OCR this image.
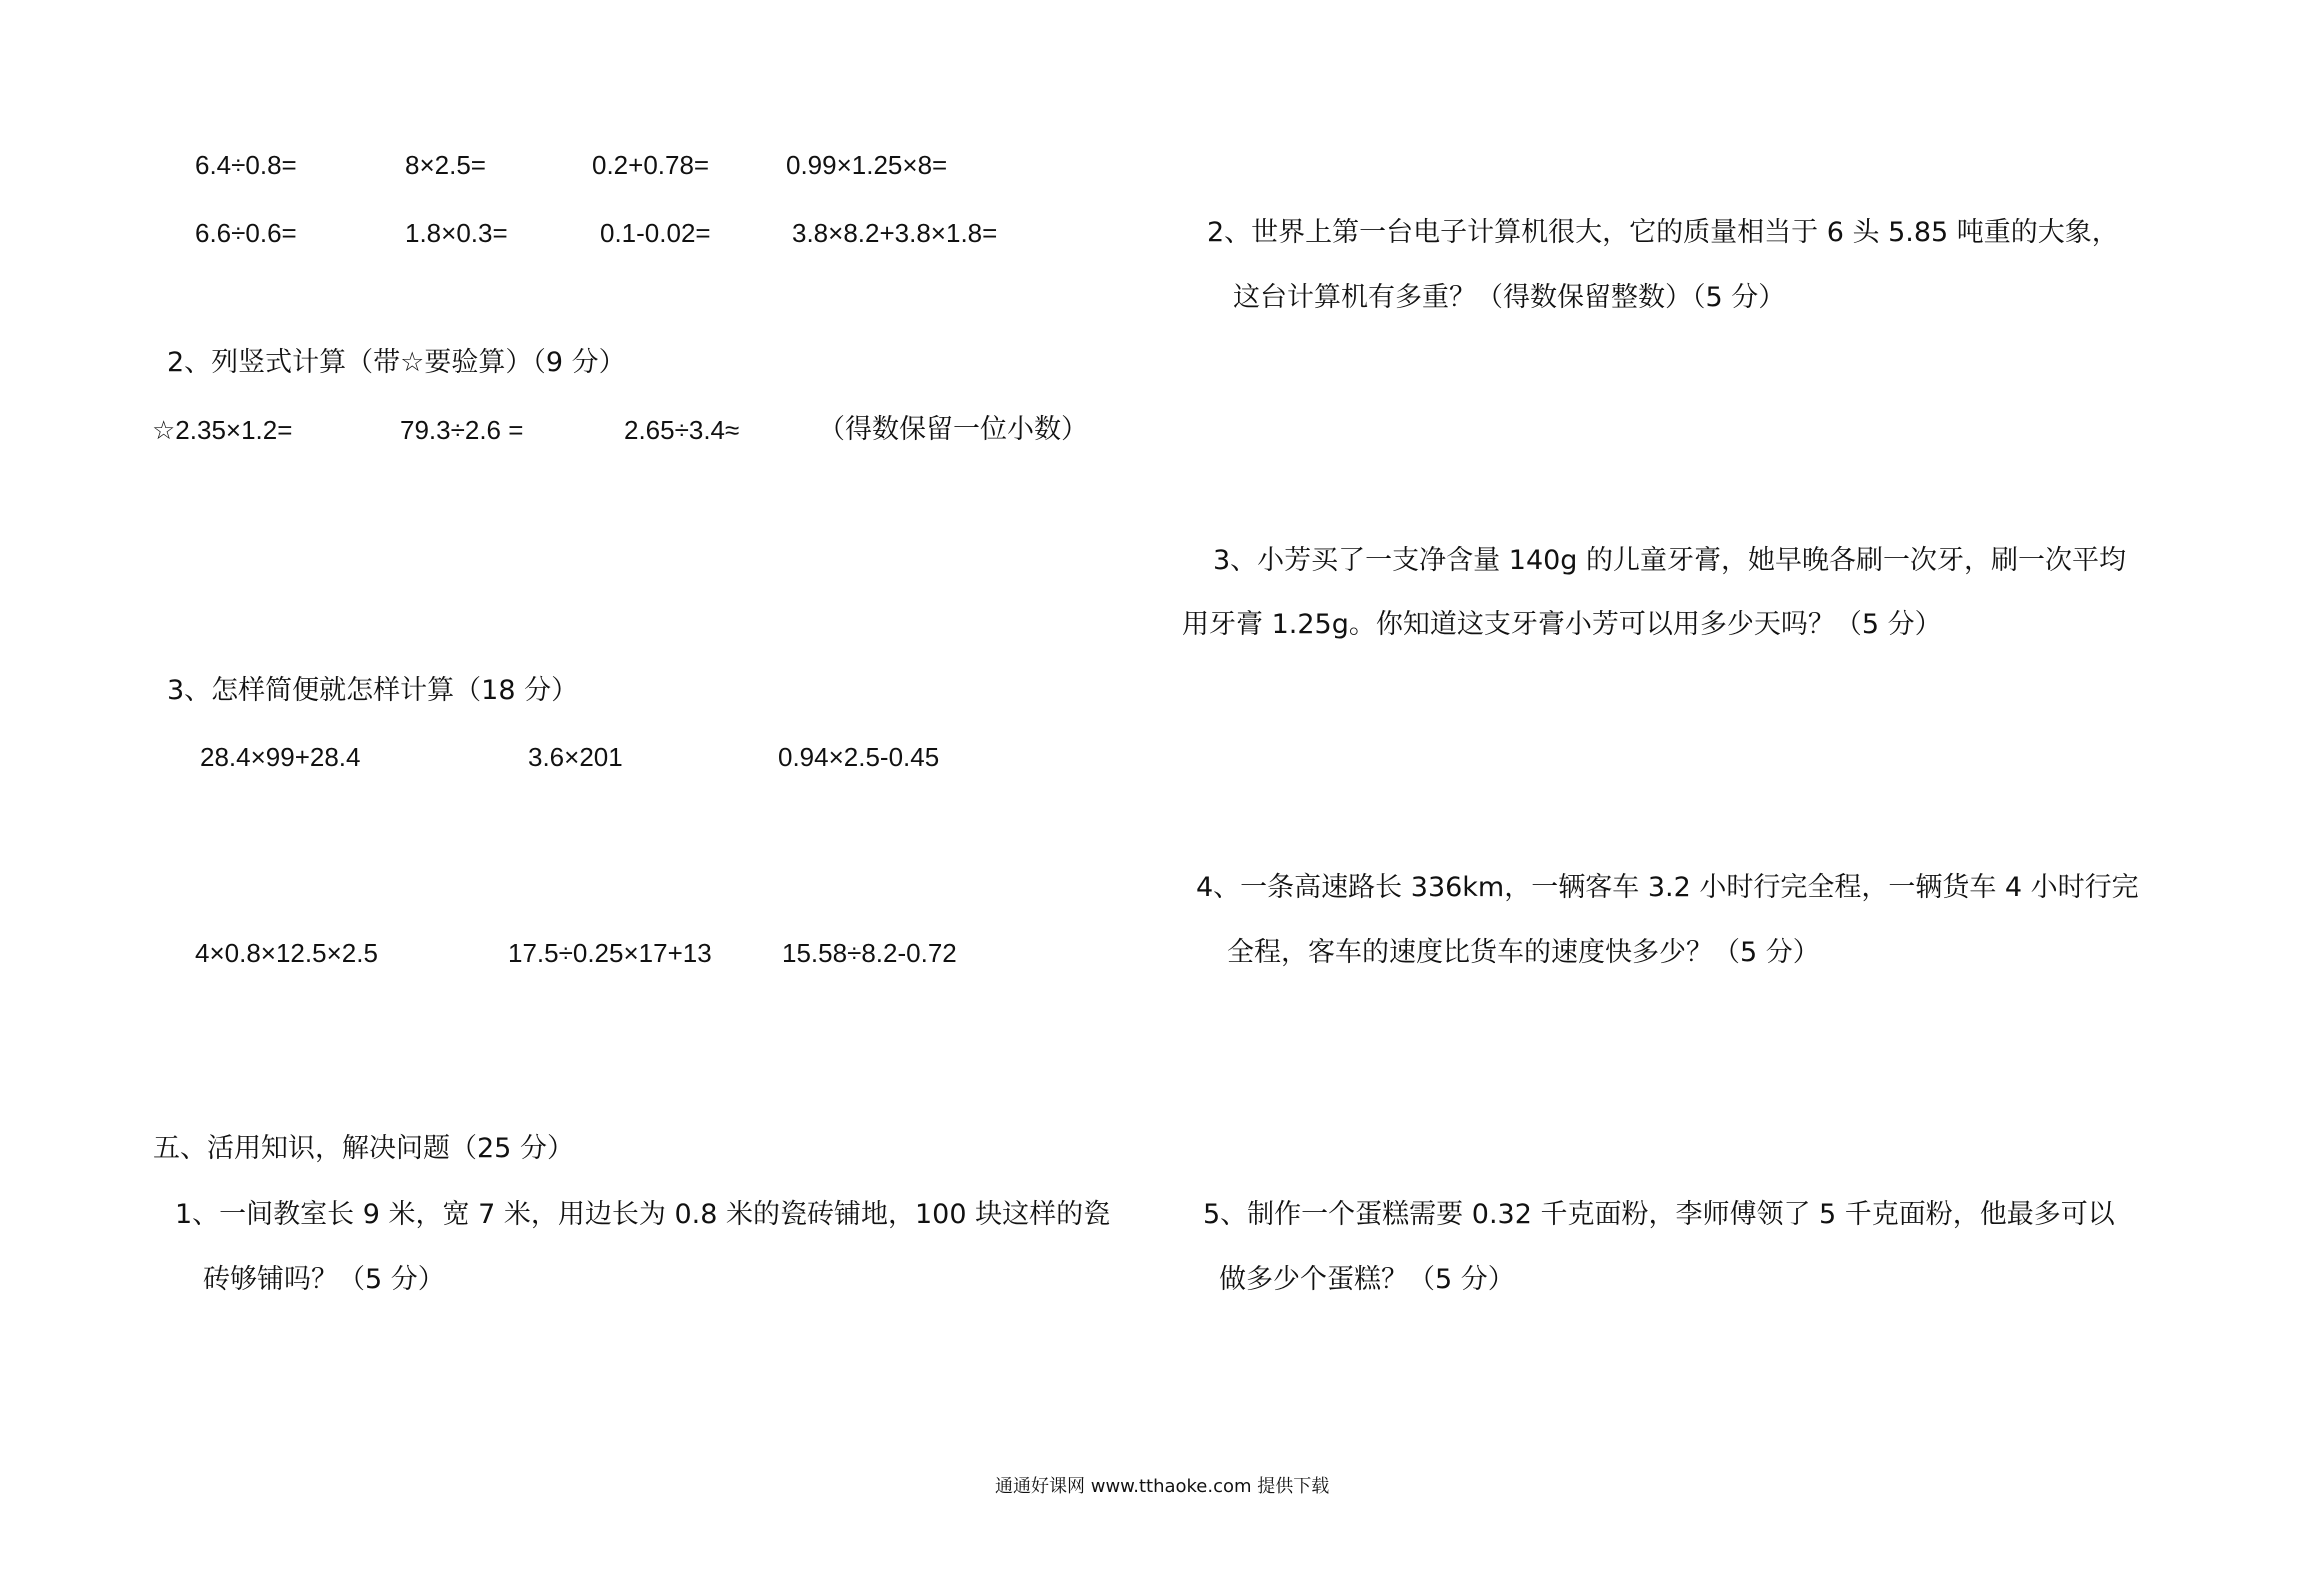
6.4÷0.8=	8×2.5=	0.2+0.78=	0.99×1.25×8=
6.6÷0.6=	1.8×0.3=	0.1-0.02=	3.8×8.2+3.8×1.8=
2、列竖式计算（带☆要验算）（9 分）
☆2.35×1.2=	79.3÷2.6 =	2.65÷3.4≈	（得数保留一位小数）
3、怎样简便就怎样计算（18 分）
28.4×99+28.4	3.6×201	0.94×2.5-0.45
4×0.8×12.5×2.5	17.5÷0.25×17+13	15.58÷8.2-0.72
五、活用知识，解决问题（25 分）
1、一间教室长 9 米，宽 7 米，用边长为 0.8 米的瓷砖铺地，100 块这样的瓷
砖够铺吗？（5 分）
2、世界上第一台电子计算机很大，它的质量相当于 6 头 5.85 吨重的大象，
这台计算机有多重？（得数保留整数）（5 分）
3、小芳买了一支净含量 140g 的儿童牙膏，她早晚各刷一次牙，刷一次平均
用牙膏 1.25g。你知道这支牙膏小芳可以用多少天吗？（5 分）
4、一条高速路长 336km，一辆客车 3.2 小时行完全程，一辆货车 4 小时行完
全程，客车的速度比货车的速度快多少？（5 分）
5、制作一个蛋糕需要 0.32 千克面粉，李师傅领了 5 千克面粉，他最多可以
做多少个蛋糕？（5 分）
通通好课网 www.tthaoke.com 提供下载
